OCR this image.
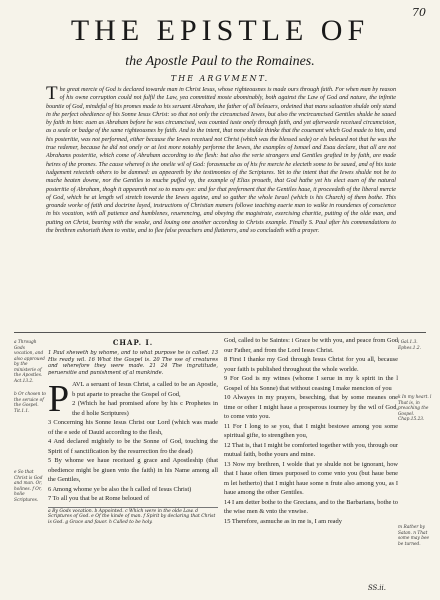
70
THE EPISTLE OF
the Apostle Paul to the Romaines.
THE ARGVMENT.
T he great mercie of God is declared towarde man in Christ Iesus, whose righteousnes is made ours through faith. For when man by reason of his owne corruption could not fulfil the Law, yea committed moste abominably, both against the Law of God and nature, the infinite bountie of God, mindeful of his promes made to his seruant Abraham, the father of all beleuers, ordeined that mans saluation shulde only stand in the perfect obedience of his Sonne Iesus Christ: so that not only the circumcised Iewes, but also the vncircumcised Gentiles shulde be saued by faith in him: euen as Abraham before he was circumcised, was counted iuste onely through faith, and yet afterwarde receiued circumcision, as a seale or badge of the same righteousnes by faith. And to the intent, that none shulde thinke that the couenant which God made to him, and his posteritie, was not performed, either because the Iewes receiued not Christ (which was the blessed sede) or els beleued not that he was the true redemer, because he did not onely or at lest more notably performe the Iewes, the examples of Ismael and Esau declare, that all are not Abrahams posteritie, which come of Abraham according to the flesh: but also the verie strangers and Gentiles grafted in by faith, are made heires of the promes. The cause whereof is the onelie wil of God: forasmuche as of his fre mercie he electeth some to be saued, and of his iuste iudgement reiecteth others to be damned: as appeareth by the testimonies of the Scriptures. Yet to the intent that the Iewes shulde not be to muche beaten downe, nor the Gentiles to muche puffed vp, the example of Elias proueth, that God hathe yet his elect euen of the natural posteritie of Abraham, thogh it appeareth not so to mans eye: and for that preferment that the Gentiles haue, it proceedeth of the liberal mercie of God, which he at length wil stretch towarde the Iewes againe, and so gather the whole Israel (which is his Church) of them bothe. This grounde worke of faith and doctrine layed, instructions of Christian maners followe teaching euerie man to walke in roundenes of conscience in his vocation, with all patience and humblenes, reuerencing, and obeying the magistrate, exercising charitie, putting of the olde man, and putting on Christ, bearing with the weake, and louing one another according to Christs example. Finally S. Paul after his commendations to the brethren exhorteth them to vnitie, and to flee false preachers and flatterers, and so concludeth with a prayer.
a Through Gods vocation, and also approued by the ministerie of the Apostles. Act.13.2.
b Or chosen to the seruice of the Gospel. Tit.1.1.
e So that Christ is God and man. Or, holines. f Or, holie Scriptures.
CHAP. I.
1 Paul sheweth by whome, and to what purpose he is called. 13 His ready wil. 16 What the Gospel is. 20 The vse of creatures and wherefore they were made. 21 24 The ingratitude, peruersitie and punishment of al mankinde.
P AVL a seruant of Iesus Christ, a called to be an Apostle, b put aparte to preache the Gospel of God,
2 (Which he had promised afore by his c Prophetes in the d holie Scriptures)
3 Concerning his Sonne Iesus Christ our Lord (which was made of the e sede of Dauid according to the flesh,
4 And declared mightely to be the Sonne of God, touching the Spirit of f sanctification by the resurrection fro the dead)
5 By whome we haue receiued g grace and Apostleship (that obedience might be giuen vnto the faith) in his Name among all the Gentiles,
6 Among whome ye be also the h called of Iesus Christ)
7 To all you that be at Rome beloued of
a By Gods vocation. b Appointed. c Which were in the olde Law. d Scriptures of God. e Of the kinde of man. f Spirit by declaring that Christ is God. g Grace and fauor. h Called to be holy.
God, called to be Saintes: i Grace be with you, and peace from God our Father, and from the Lord Iesus Christ.
8 First I thanke my God through Iesus Christ for you all, because your faith is published throughout the whole worlde.
9 For God is my witnes (whome I serue in my k spirit in the l Gospel of his Sonne) that without ceasing I make mencion of you
10 Alwayes in my prayers, beseching, that by some meanes one time or other I might haue a prosperous iourney by the wil of God, to come vnto you.
11 For I long to se you, that I might bestowe among you some spiritual gifte, to strengthen you,
12 That is, that I might be comforted together with you, through our mutual faith, bothe yours and mine.
13 Now my brethren, I wolde that ye shulde not be ignorant, how that I haue often times purposed to come vnto you (but haue bene m let hetherto) that I might haue some n frute also among you, as I haue among the other Gentiles.
14 I am detter bothe to the Grecians, and to the Barbarians, bothe to the wise men & vnto the vnwise.
15 Therefore, asmuche as in me is, I am ready
i Gal.1.3. Ephes.1.2.
k In my heart. l That is, in preaching the Gospel. Chap.15.23.
m Rather by Satan. n That some may bee be turned.
SS.ii.
